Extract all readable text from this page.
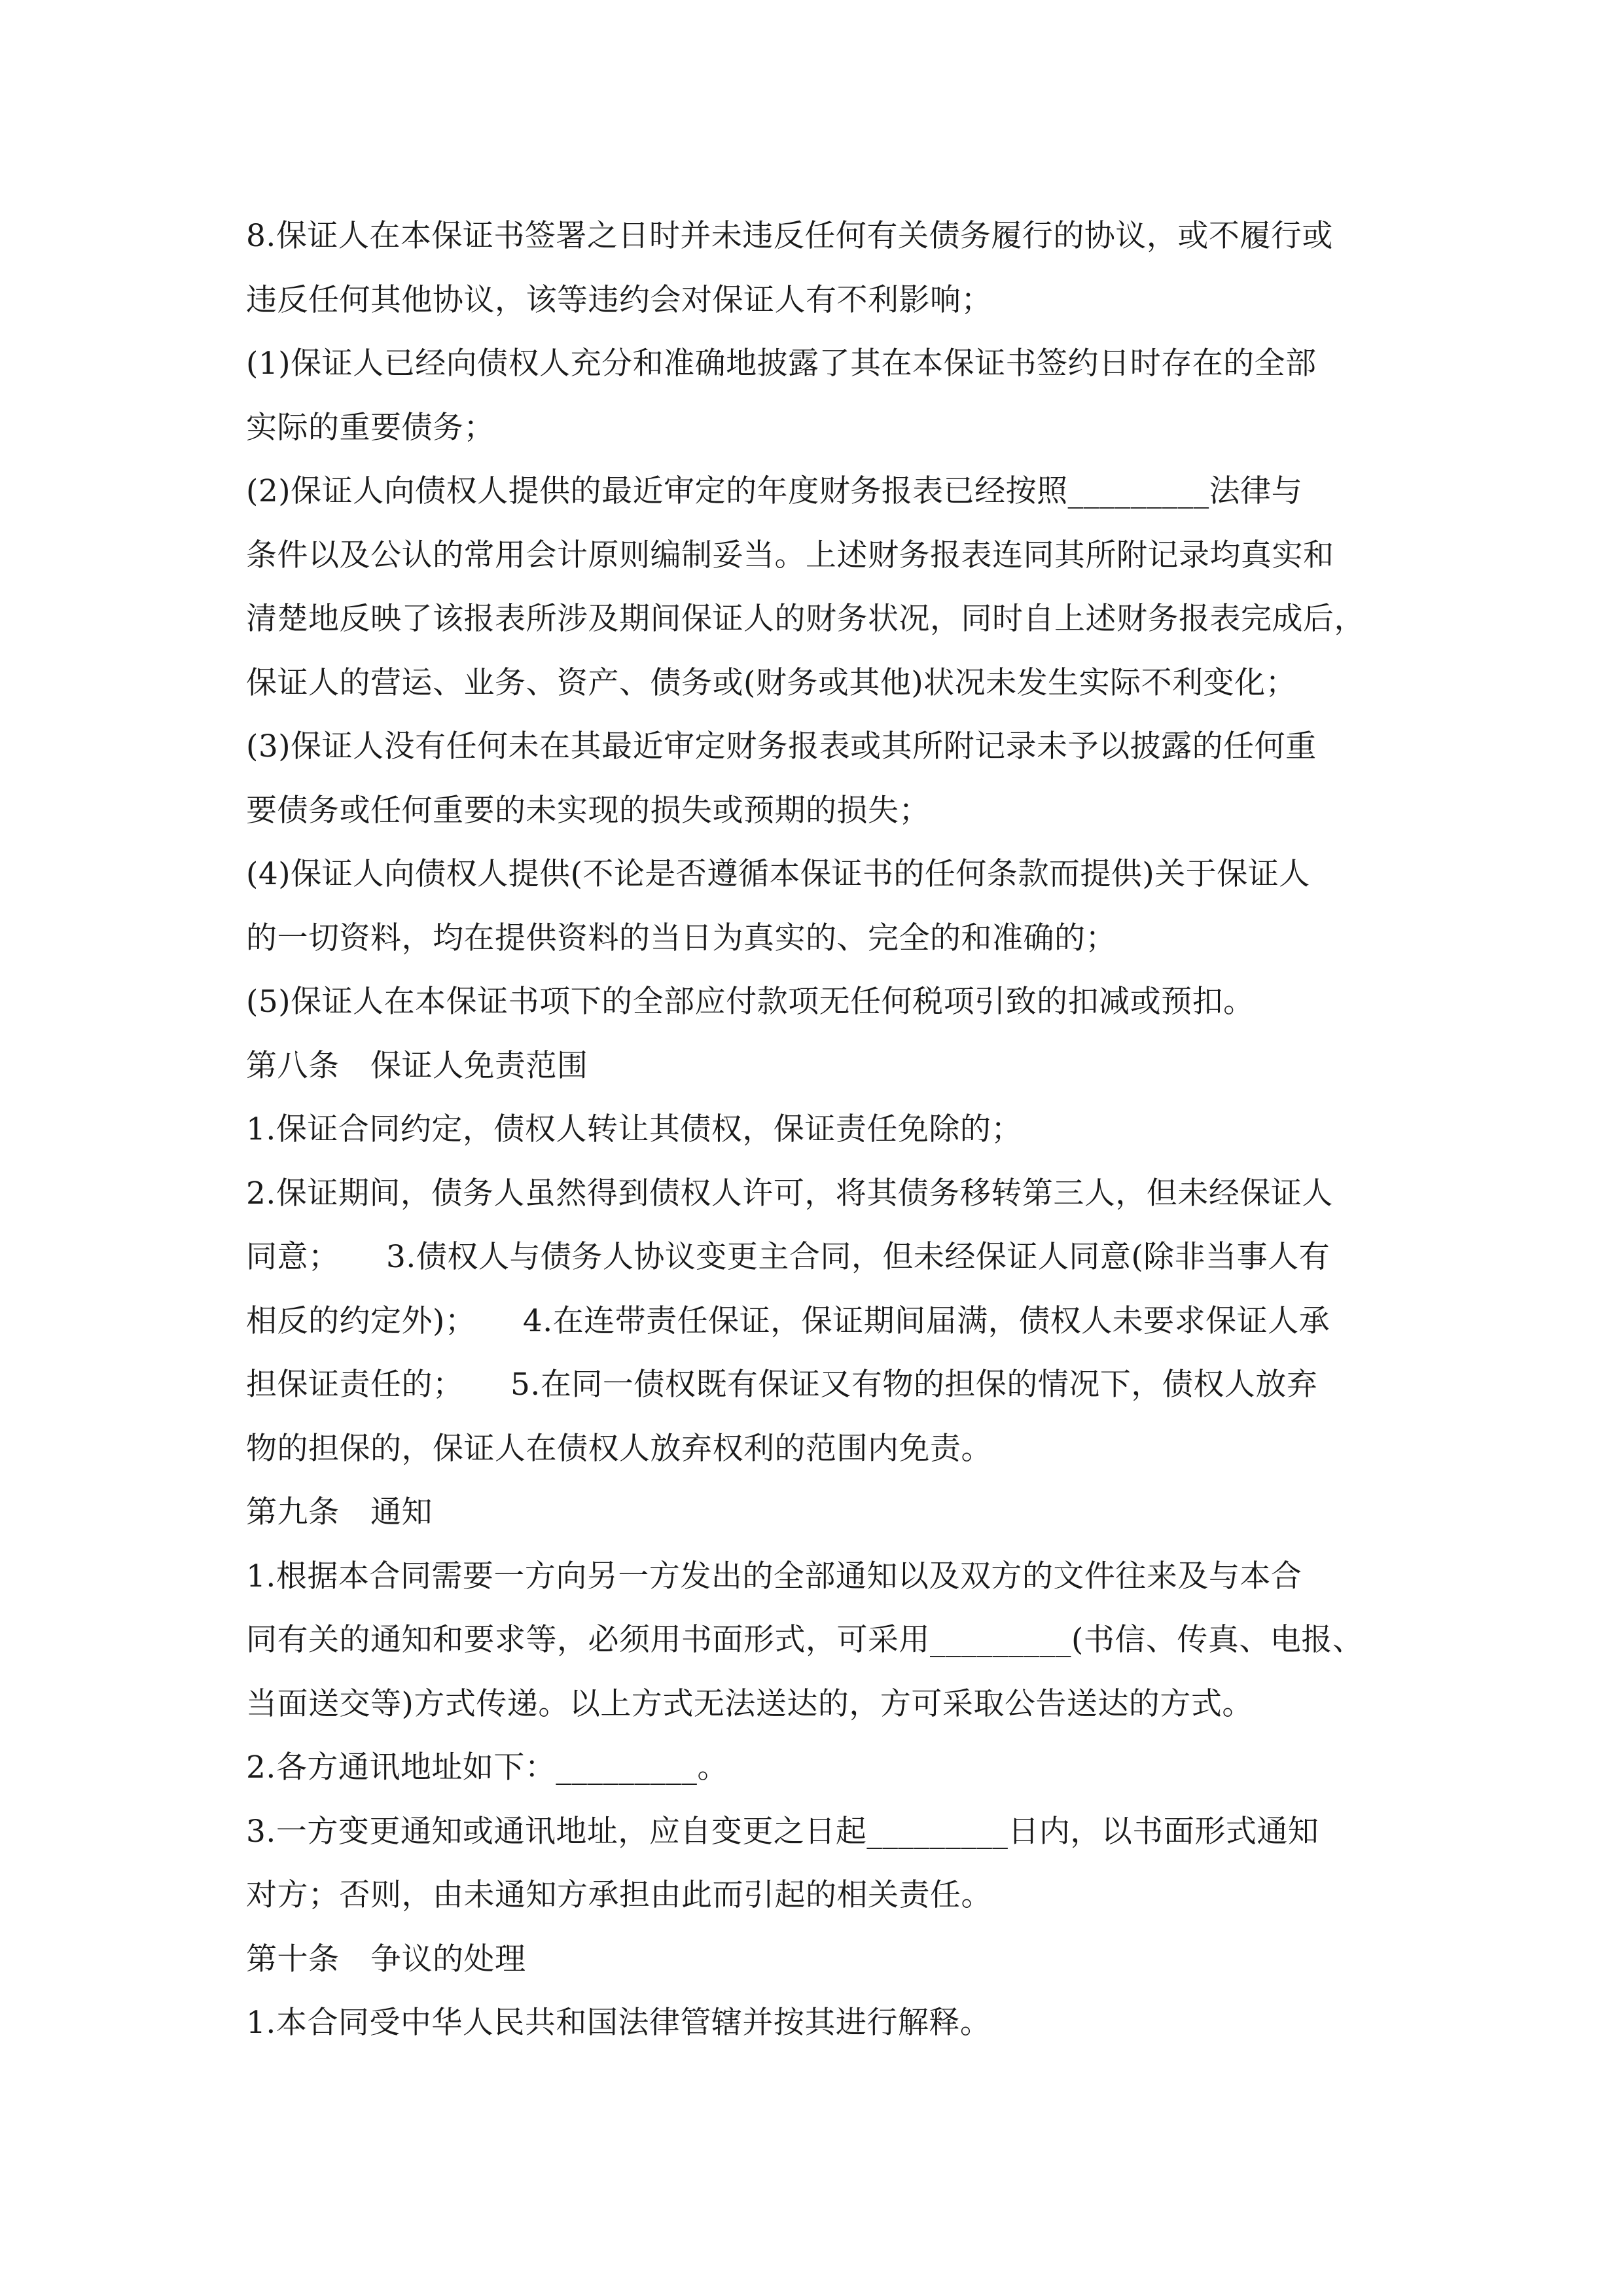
8.保证人在本保证书签署之日时并未违反任何有关债务履行的协议，或不履行或
违反任何其他协议，该等违约会对保证人有不利影响；
(1)保证人已经向债权人充分和准确地披露了其在本保证书签约日时存在的全部
实际的重要债务；
(2)保证人向债权人提供的最近审定的年度财务报表已经按照_________法律与
条件以及公认的常用会计原则编制妥当。上述财务报表连同其所附记录均真实和
清楚地反映了该报表所涉及期间保证人的财务状况，同时自上述财务报表完成后，
保证人的营运、业务、资产、债务或(财务或其他)状况未发生实际不利变化；
(3)保证人没有任何未在其最近审定财务报表或其所附记录未予以披露的任何重
要债务或任何重要的未实现的损失或预期的损失；
(4)保证人向债权人提供(不论是否遵循本保证书的任何条款而提供)关于保证人
的一切资料，均在提供资料的当日为真实的、完全的和准确的；
(5)保证人在本保证书项下的全部应付款项无任何税项引致的扣减或预扣。
第八条　保证人免责范围
1.保证合同约定，债权人转让其债权，保证责任免除的；
2.保证期间，债务人虽然得到债权人许可，将其债务移转第三人，但未经保证人
同意；　　3.债权人与债务人协议变更主合同，但未经保证人同意(除非当事人有
相反的约定外)；　　4.在连带责任保证，保证期间届满，债权人未要求保证人承
担保证责任的；　　5.在同一债权既有保证又有物的担保的情况下，债权人放弃
物的担保的，保证人在债权人放弃权利的范围内免责。
第九条　通知
1.根据本合同需要一方向另一方发出的全部通知以及双方的文件往来及与本合
同有关的通知和要求等，必须用书面形式，可采用_________(书信、传真、电报、
当面送交等)方式传递。以上方式无法送达的，方可采取公告送达的方式。
2.各方通讯地址如下：_________。
3.一方变更通知或通讯地址，应自变更之日起_________日内，以书面形式通知
对方；否则，由未通知方承担由此而引起的相关责任。
第十条　争议的处理
1.本合同受中华人民共和国法律管辖并按其进行解释。
